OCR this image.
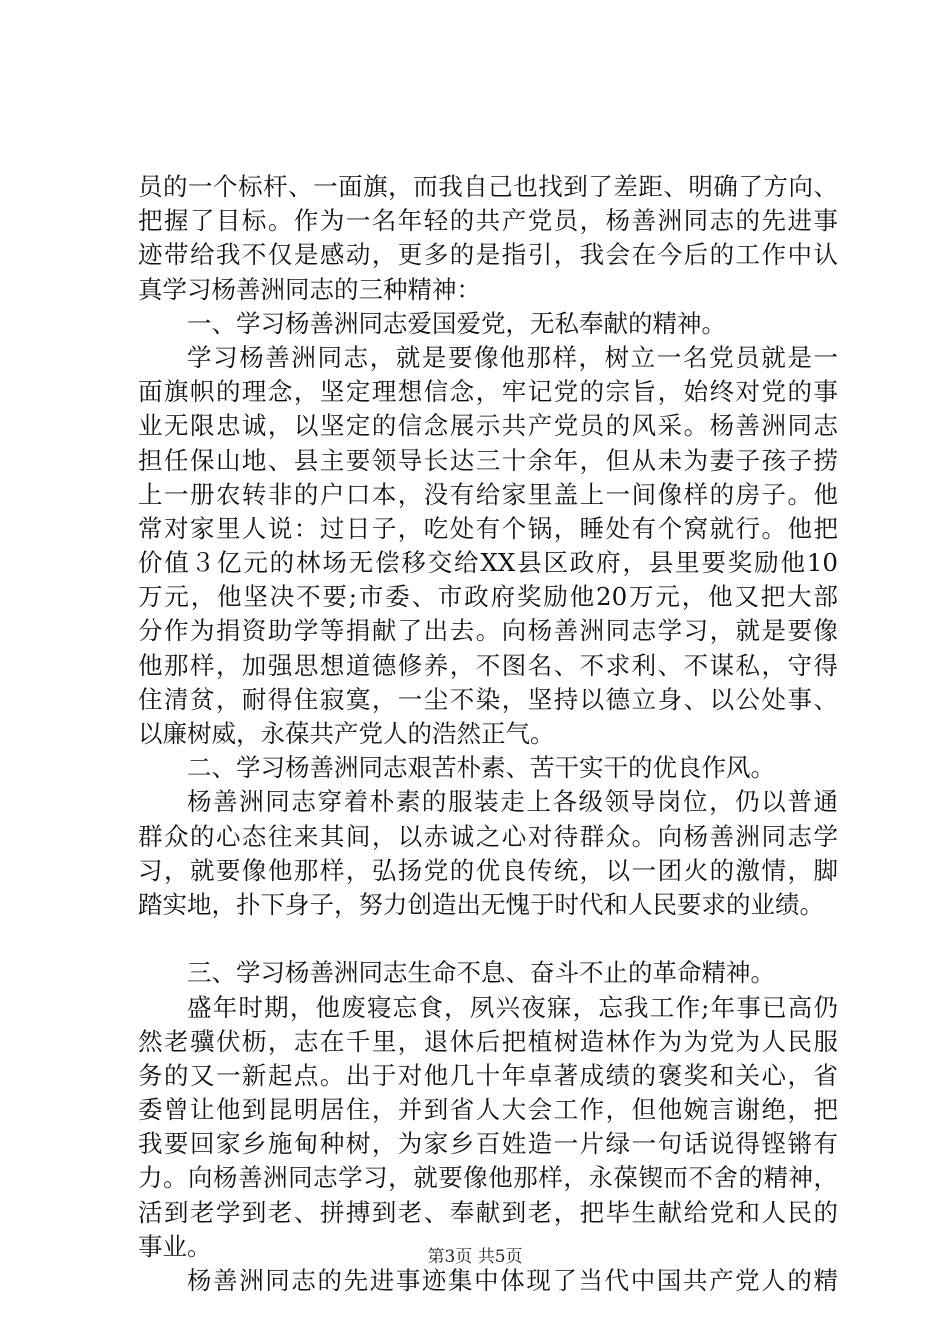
员的一个标杆、一面旗，而我自己也找到了差距、明确了方向、
把握了目标。作为一名年轻的共产党员，杨善洲同志的先进事
迹带给我不仅是感动，更多的是指引，我会在今后的工作中认
真学习杨善洲同志的三种精神：
一、学习杨善洲同志爱国爱党，无私奉献的精神。
学习杨善洲同志，就是要像他那样，树立一名党员就是一
面旗帜的理念，坚定理想信念，牢记党的宗旨，始终对党的事
业无限忠诚，以坚定的信念展示共产党员的风采。杨善洲同志
担任保山地、县主要领导长达三十余年，但从未为妻子孩子捞
上一册农转非的户口本，没有给家里盖上一间像样的房子。他
常对家里人说：过日子，吃处有个锅，睡处有个窝就行。他把
价值３亿元的林场无偿移交给XX县区政府，县里要奖励他10
万元，他坚决不要;市委、市政府奖励他20万元，他又把大部
分作为捐资助学等捐献了出去。向杨善洲同志学习，就是要像
他那样，加强思想道德修养，不图名、不求利、不谋私，守得
住清贫，耐得住寂寞，一尘不染，坚持以德立身、以公处事、
以廉树威，永葆共产党人的浩然正气。
二、学习杨善洲同志艰苦朴素、苦干实干的优良作风。
杨善洲同志穿着朴素的服装走上各级领导岗位，仍以普通
群众的心态往来其间，以赤诚之心对待群众。向杨善洲同志学
习，就要像他那样，弘扬党的优良传统，以一团火的激情，脚
踏实地，扑下身子，努力创造出无愧于时代和人民要求的业绩。
三、学习杨善洲同志生命不息、奋斗不止的革命精神。
盛年时期，他废寝忘食，夙兴夜寐，忘我工作;年事已高仍
然老骥伏枥，志在千里，退休后把植树造林作为为党为人民服
务的又一新起点。出于对他几十年卓著成绩的褒奖和关心，省
委曾让他到昆明居住，并到省人大会工作，但他婉言谢绝，把
我要回家乡施甸种树，为家乡百姓造一片绿一句话说得铿锵有
力。向杨善洲同志学习，就要像他那样，永葆锲而不舍的精神，
活到老学到老、拼搏到老、奉献到老，把毕生献给党和人民的
事业。
杨善洲同志的先进事迹集中体现了当代中国共产党人的精
第3页 共5页
